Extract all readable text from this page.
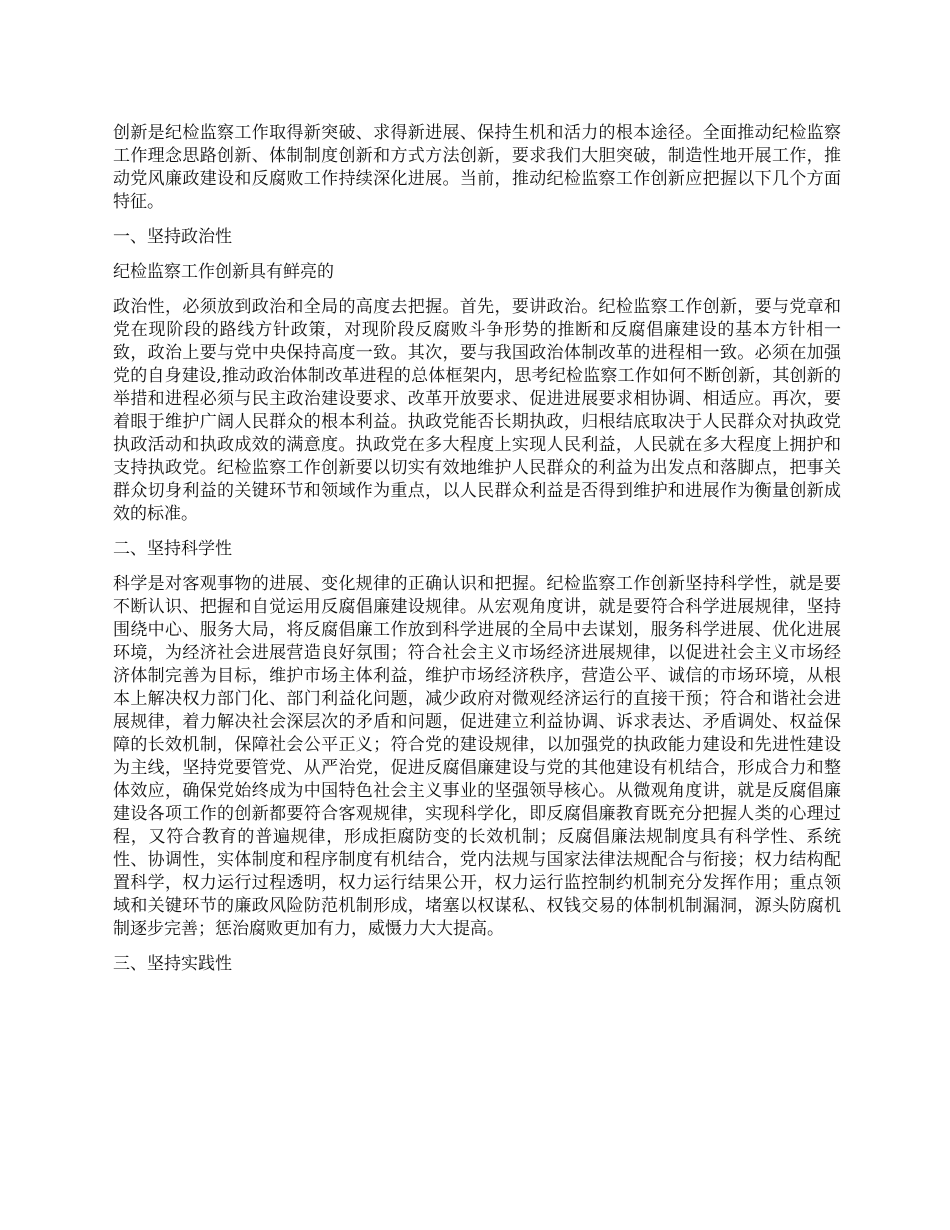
创新是纪检监察工作取得新突破、求得新进展、保持生机和活力的根本途径。全面推动纪检监察工作理念思路创新、体制制度创新和方式方法创新，要求我们大胆突破，制造性地开展工作，推动党风廉政建设和反腐败工作持续深化进展。当前，推动纪检监察工作创新应把握以下几个方面特征。

一、坚持政治性

纪检监察工作创新具有鲜亮的

政治性，必须放到政治和全局的高度去把握。首先，要讲政治。纪检监察工作创新，要与党章和党在现阶段的路线方针政策，对现阶段反腐败斗争形势的推断和反腐倡廉建设的基本方针相一致，政治上要与党中央保持高度一致。其次，要与我国政治体制改革的进程相一致。必须在加强党的自身建设,推动政治体制改革进程的总体框架内，思考纪检监察工作如何不断创新，其创新的举措和进程必须与民主政治建设要求、改革开放要求、促进进展要求相协调、相适应。再次，要着眼于维护广阔人民群众的根本利益。执政党能否长期执政，归根结底取决于人民群众对执政党执政活动和执政成效的满意度。执政党在多大程度上实现人民利益，人民就在多大程度上拥护和支持执政党。纪检监察工作创新要以切实有效地维护人民群众的利益为出发点和落脚点，把事关群众切身利益的关键环节和领域作为重点，以人民群众利益是否得到维护和进展作为衡量创新成效的标准。

二、坚持科学性

科学是对客观事物的进展、变化规律的正确认识和把握。纪检监察工作创新坚持科学性，就是要不断认识、把握和自觉运用反腐倡廉建设规律。从宏观角度讲，就是要符合科学进展规律，坚持围绕中心、服务大局，将反腐倡廉工作放到科学进展的全局中去谋划，服务科学进展、优化进展环境，为经济社会进展营造良好氛围；符合社会主义市场经济进展规律，以促进社会主义市场经济体制完善为目标，维护市场主体利益，维护市场经济秩序，营造公平、诚信的市场环境，从根本上解决权力部门化、部门利益化问题，减少政府对微观经济运行的直接干预；符合和谐社会进展规律，着力解决社会深层次的矛盾和问题，促进建立利益协调、诉求表达、矛盾调处、权益保障的长效机制，保障社会公平正义；符合党的建设规律，以加强党的执政能力建设和先进性建设为主线，坚持党要管党、从严治党，促进反腐倡廉建设与党的其他建设有机结合，形成合力和整体效应，确保党始终成为中国特色社会主义事业的坚强领导核心。从微观角度讲，就是反腐倡廉建设各项工作的创新都要符合客观规律，实现科学化，即反腐倡廉教育既充分把握人类的心理过程，又符合教育的普遍规律，形成拒腐防变的长效机制；反腐倡廉法规制度具有科学性、系统性、协调性，实体制度和程序制度有机结合，党内法规与国家法律法规配合与衔接；权力结构配置科学，权力运行过程透明，权力运行结果公开，权力运行监控制约机制充分发挥作用；重点领域和关键环节的廉政风险防范机制形成，堵塞以权谋私、权钱交易的体制机制漏洞，源头防腐机制逐步完善；惩治腐败更加有力，威慑力大大提高。

三、坚持实践性
